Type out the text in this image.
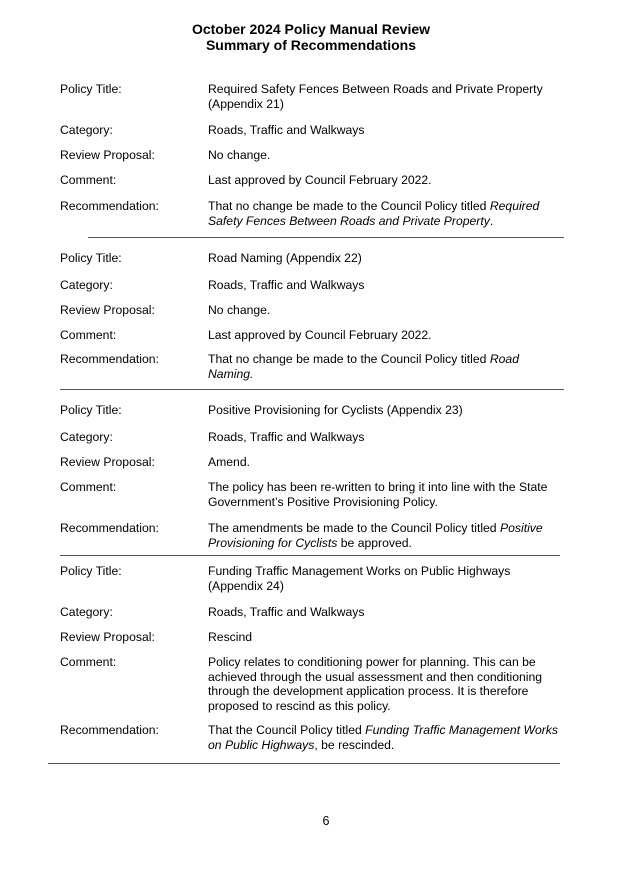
October 2024 Policy Manual Review
Summary of Recommendations
Policy Title:	Required Safety Fences Between Roads and Private Property (Appendix 21)
Category:	Roads, Traffic and Walkways
Review Proposal:	No change.
Comment:	Last approved by Council February 2022.
Recommendation:	That no change be made to the Council Policy titled Required Safety Fences Between Roads and Private Property.
Policy Title:	Road Naming (Appendix 22)
Category:	Roads, Traffic and Walkways
Review Proposal:	No change.
Comment:	Last approved by Council February 2022.
Recommendation:	That no change be made to the Council Policy titled Road Naming.
Policy Title:	Positive Provisioning for Cyclists (Appendix 23)
Category:	Roads, Traffic and Walkways
Review Proposal:	Amend.
Comment:	The policy has been re-written to bring it into line with the State Government’s Positive Provisioning Policy.
Recommendation:	The amendments be made to the Council Policy titled Positive Provisioning for Cyclists be approved.
Policy Title:	Funding Traffic Management Works on Public Highways (Appendix 24)
Category:	Roads, Traffic and Walkways
Review Proposal:	Rescind
Comment:	Policy relates to conditioning power for planning. This can be achieved through the usual assessment and then conditioning through the development application process. It is therefore proposed to rescind as this policy.
Recommendation:	That the Council Policy titled Funding Traffic Management Works on Public Highways, be rescinded.
6
